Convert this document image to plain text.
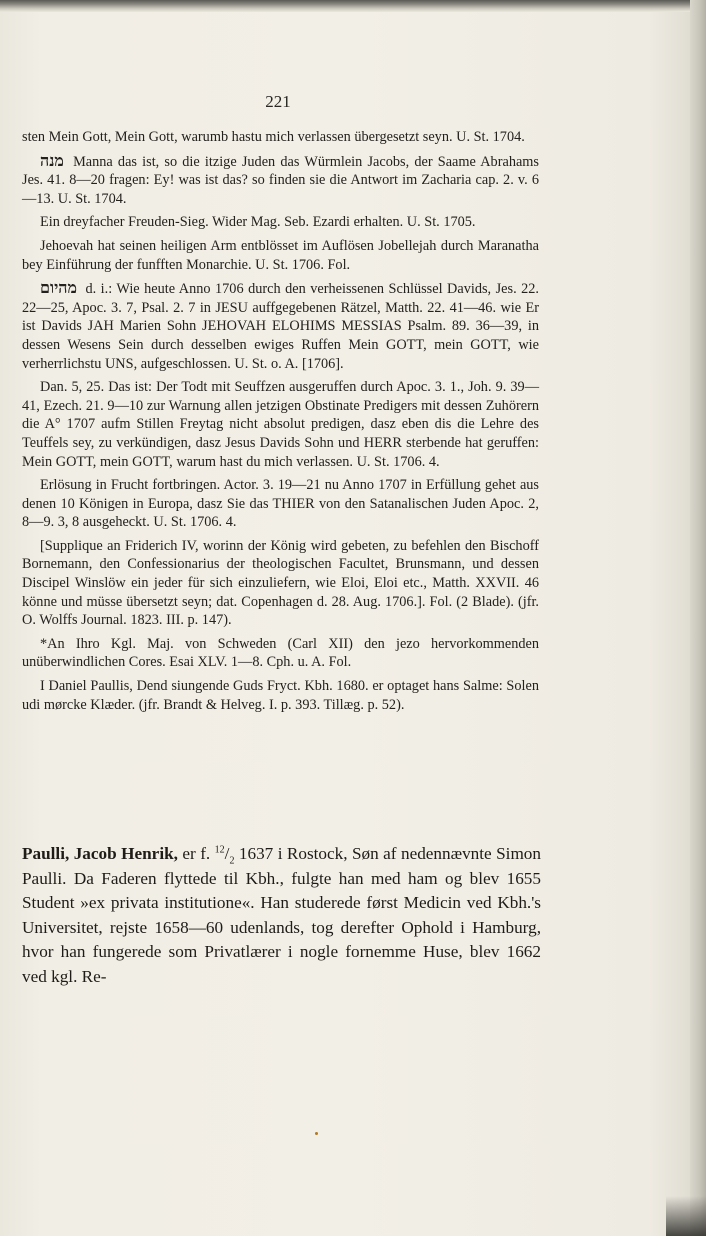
221

sten Mein Gott, Mein Gott, warumb hastu mich verlassen übergesetzt seyn. U. St. 1704.

מנה Manna das ist, so die itzige Juden das Würmlein Jacobs, der Saame Abrahams Jes. 41. 8—20 fragen: Ey! was ist das? so finden sie die Antwort im Zacharia cap. 2. v. 6—13. U. St. 1704.

Ein dreyfacher Freuden-Sieg. Wider Mag. Seb. Ezardi erhalten. U. St. 1705.

Jehoevah hat seinen heiligen Arm entblösset im Auflösen Jobellejah durch Maranatha bey Einführung der funfften Monarchie. U. St. 1706. Fol.

מהיום d. i.: Wie heute Anno 1706 durch den verheissenen Schlüssel Davids, Jes. 22. 22—25, Apoc. 3. 7, Psal. 2. 7 in JESU auffgegebenen Rätzel, Matth. 22. 41—46. wie Er ist Davids JAH Marien Sohn JEHOVAH ELOHIMS MESSIAS Psalm. 89. 36—39, in dessen Wesens Sein durch desselben ewiges Ruffen Mein GOTT, mein GOTT, wie verherrlichstu UNS, aufgeschlossen. U. St. o. A. [1706].

Dan. 5, 25. Das ist: Der Todt mit Seuffzen ausgeruffen durch Apoc. 3. 1., Joh. 9. 39—41, Ezech. 21. 9—10 zur Warnung allen jetzigen Obstinate Predigers mit dessen Zuhörern die A° 1707 aufm Stillen Freytag nicht absolut predigen, dasz eben dis die Lehre des Teuffels sey, zu verkündigen, dasz Jesus Davids Sohn und HERR sterbende hat geruffen: Mein GOTT, mein GOTT, warum hast du mich verlassen. U. St. 1706. 4.

Erlösung in Frucht fortbringen. Actor. 3. 19—21 nu Anno 1707 in Erfüllung gehet aus denen 10 Königen in Europa, dasz Sie das THIER von den Satanalischen Juden Apoc. 2, 8—9. 3, 8 ausgeheckt. U. St. 1706. 4.

[Supplique an Friderich IV, worinn der König wird gebeten, zu befehlen den Bischoff Bornemann, den Confessionarius der theologischen Facultet, Brunsmann, und dessen Discipel Winslöw ein jeder für sich einzuliefern, wie Eloi, Eloi etc., Matth. XXVII. 46 könne und müsse übersetzt seyn; dat. Copenhagen d. 28. Aug. 1706.]. Fol. (2 Blade). (jfr. O. Wolffs Journal. 1823. III. p. 147).

*An Ihro Kgl. Maj. von Schweden (Carl XII) den jezo hervorkommenden unüberwindlichen Cores. Esai XLV. 1—8. Cph. u. A. Fol.

I Daniel Paullis, Dend siungende Guds Fryct. Kbh. 1680. er optaget hans Salme: Solen udi mørcke Klæder. (jfr. Brandt & Helveg. I. p. 393. Tillæg. p. 52).

Paulli, Jacob Henrik, er f. $^{12}/_2$ 1637 i Rostock, Søn af nedennævnte Simon Paulli. Da Faderen flyttede til Kbh., fulgte han med ham og blev 1655 Student »ex privata institutione«. Han studerede først Medicin ved Kbh.'s Universitet, rejste 1658—60 udenlands, tog derefter Ophold i Hamburg, hvor han fungerede som Privatlærer i nogle fornemme Huse, blev 1662 ved kgl. Re-
